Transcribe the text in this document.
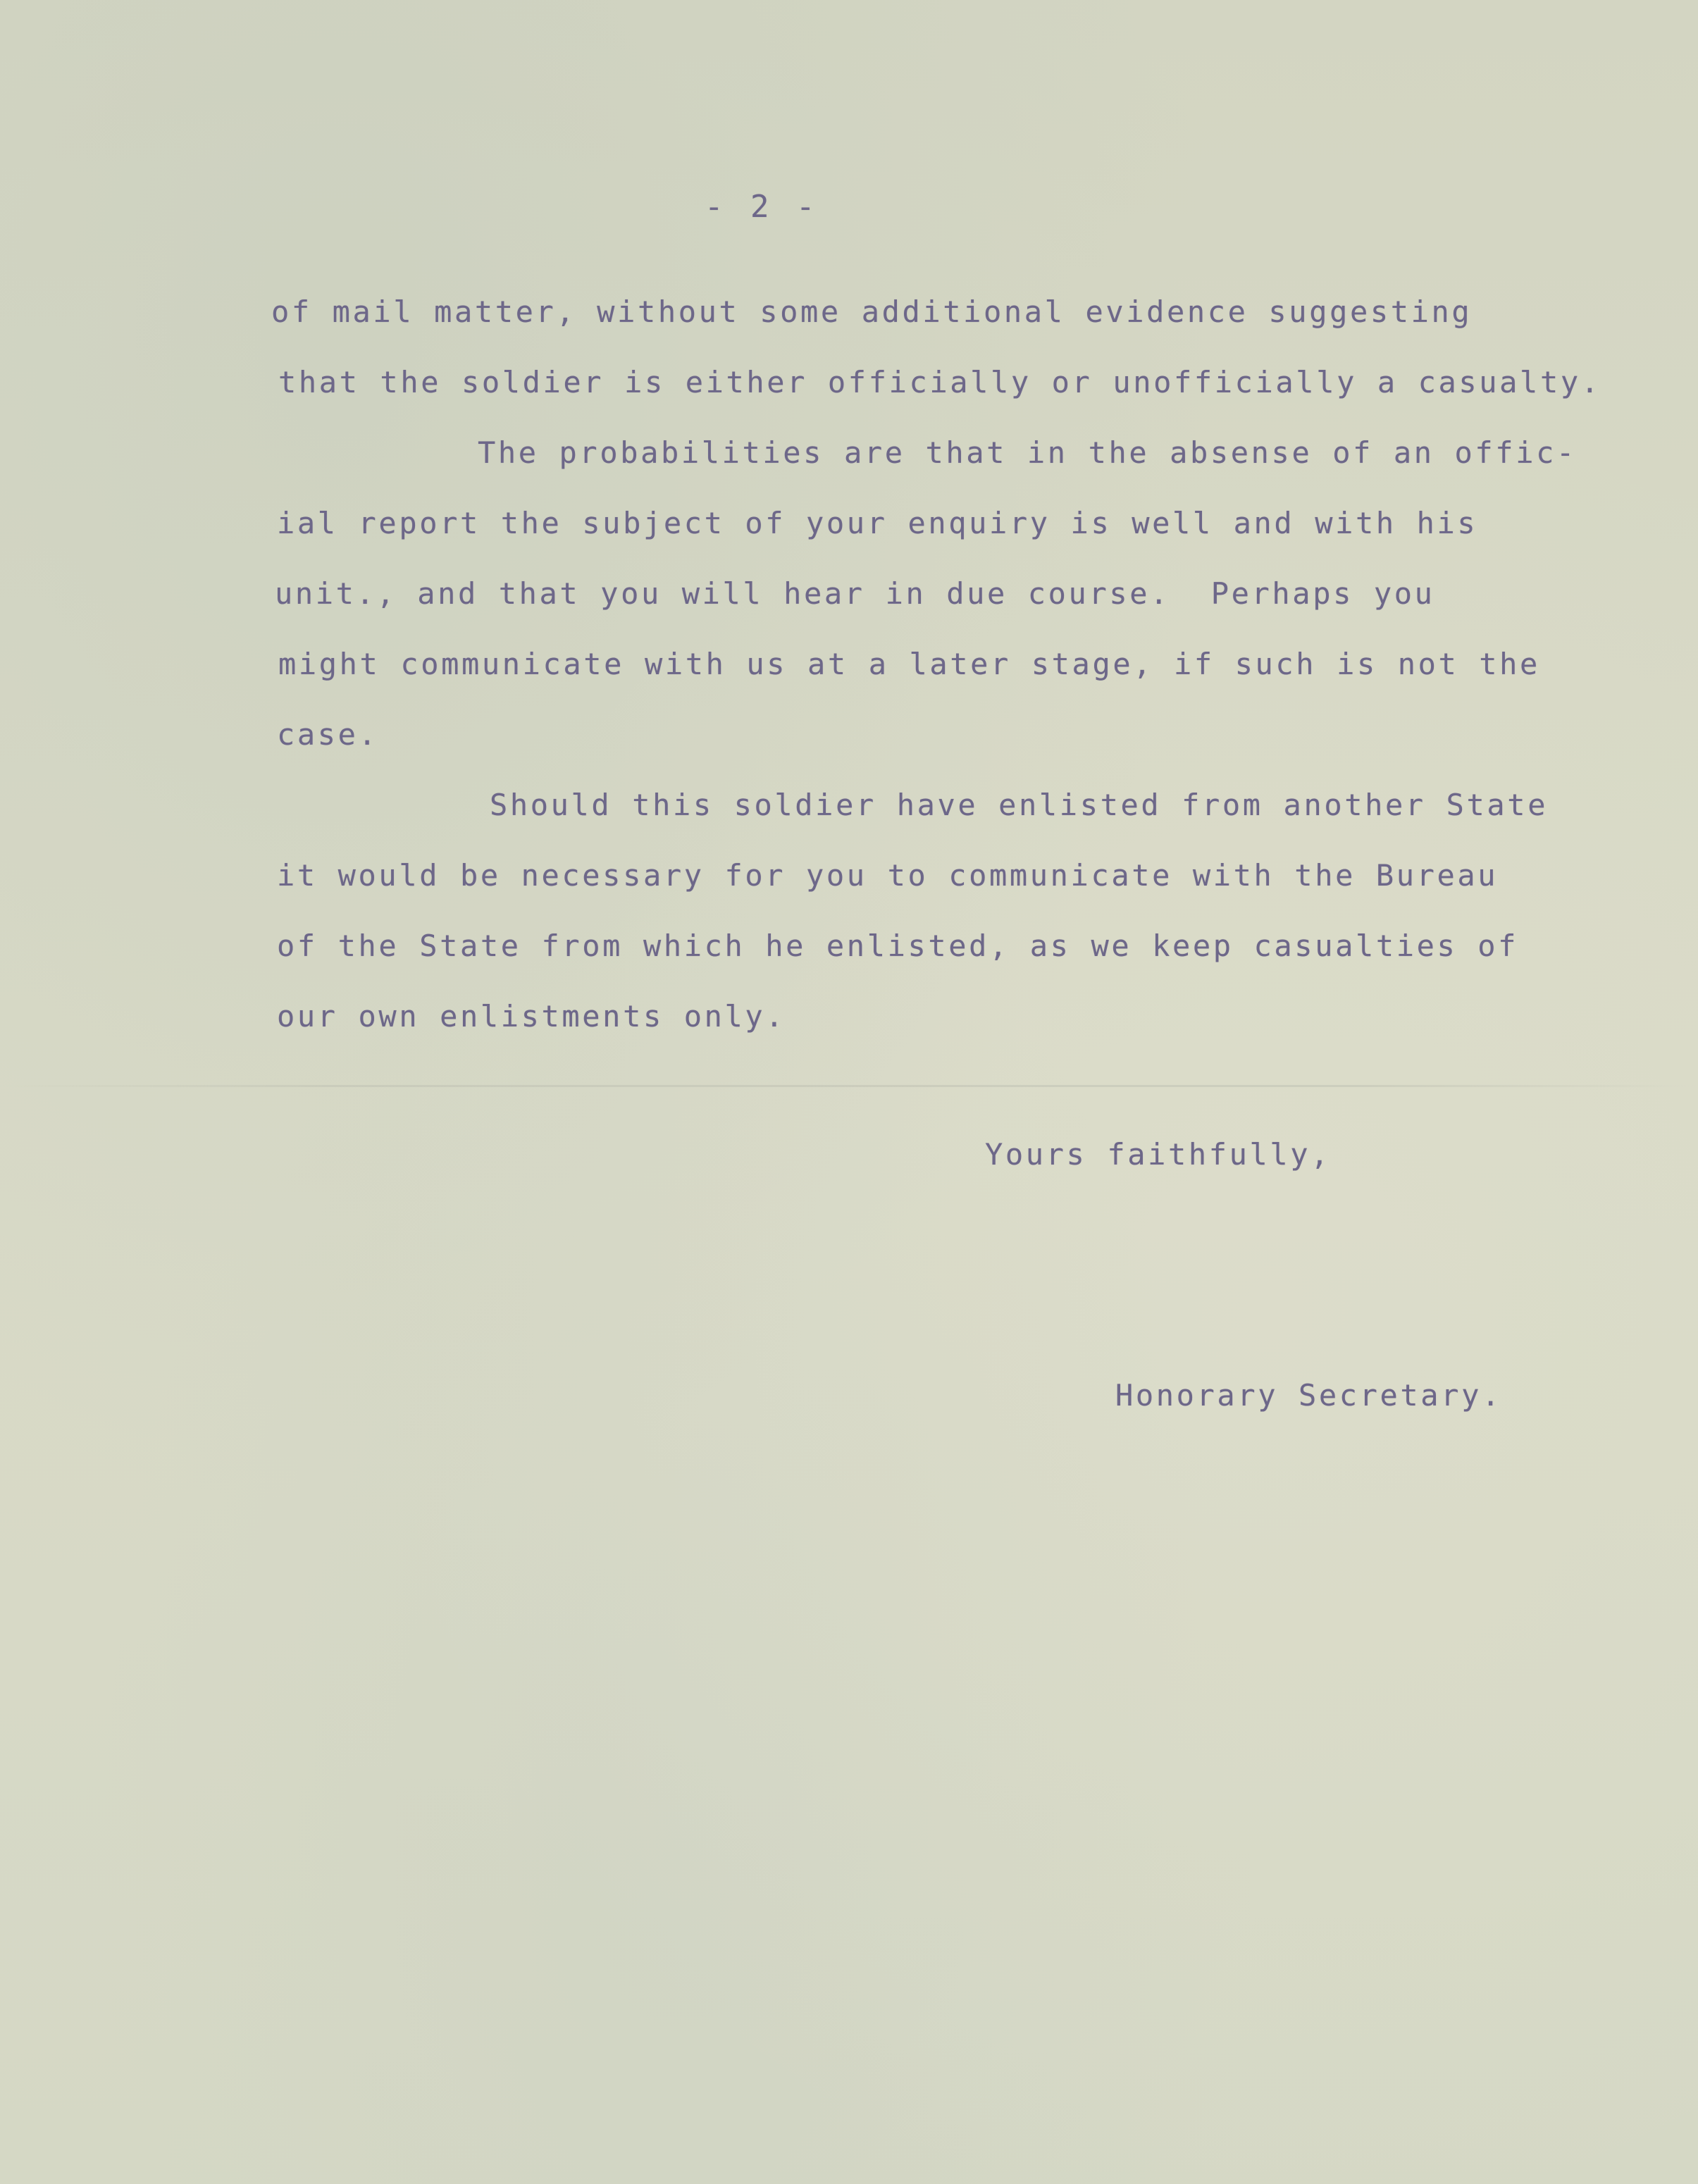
- 2 -
of mail matter, without some additional evidence suggesting
that the soldier is either officially or unofficially a casualty.
The probabilities are that in the absense of an offic-
ial report the subject of your enquiry is well and with his
unit., and that you will hear in due course.  Perhaps you
might communicate with us at a later stage, if such is not the
case.
Should this soldier have enlisted from another State
it would be necessary for you to communicate with the Bureau
of the State from which he enlisted, as we keep casualties of
our own enlistments only.
Yours faithfully,
Honorary Secretary.
